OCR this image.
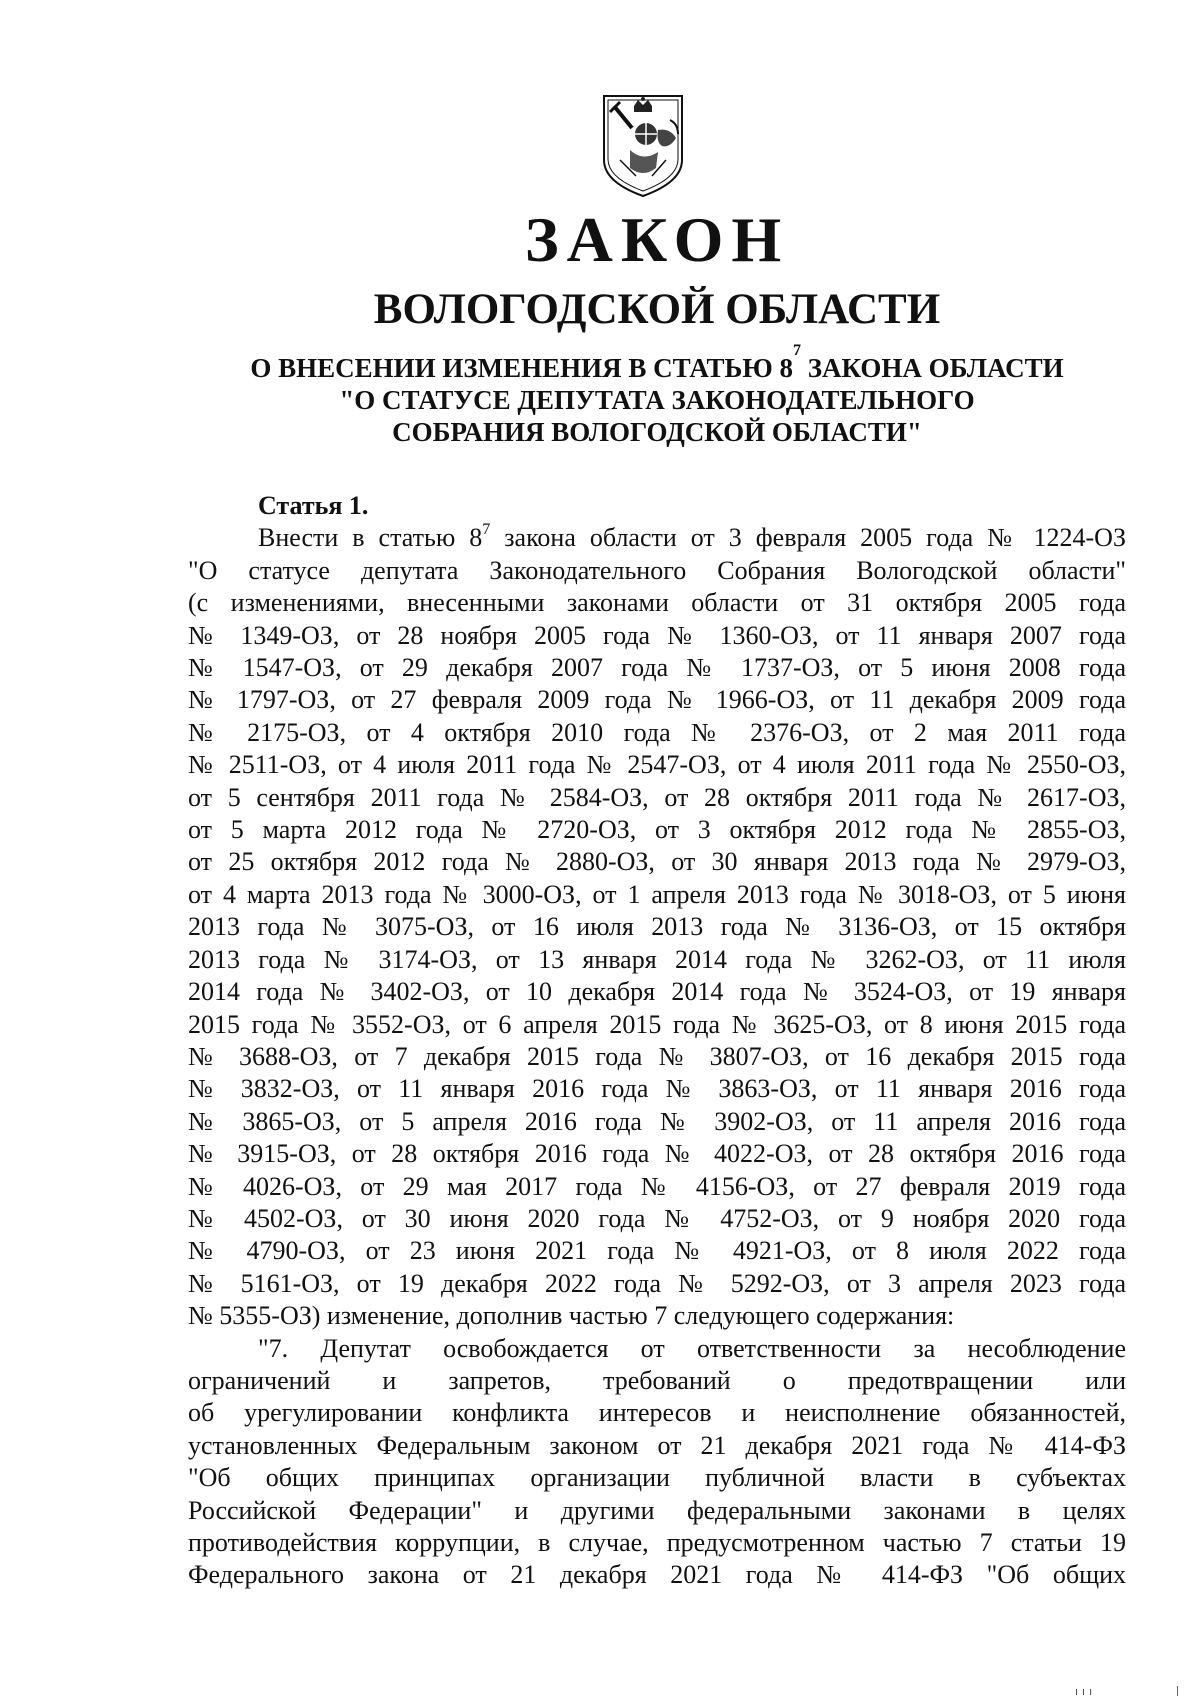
ЗАКОН
ВОЛОГОДСКОЙ ОБЛАСТИ
О ВНЕСЕНИИ ИЗМЕНЕНИЯ В СТАТЬЮ $8^7$ ЗАКОНА ОБЛАСТИ
"О СТАТУСЕ ДЕПУТАТА ЗАКОНОДАТЕЛЬНОГО
СОБРАНИЯ ВОЛОГОДСКОЙ ОБЛАСТИ"
Статья 1.
Внести в статью $8^7$ закона области от 3 февраля 2005 года № 1224-ОЗ
"О статусе депутата Законодательного Собрания Вологодской области"
(с изменениями, внесенными законами области от 31 октября 2005 года
№ 1349-ОЗ, от 28 ноября 2005 года № 1360-ОЗ, от 11 января 2007 года
№ 1547-ОЗ, от 29 декабря 2007 года № 1737-ОЗ, от 5 июня 2008 года
№ 1797-ОЗ, от 27 февраля 2009 года № 1966-ОЗ, от 11 декабря 2009 года
№ 2175-ОЗ, от 4 октября 2010 года № 2376-ОЗ, от 2 мая 2011 года
№ 2511-ОЗ, от 4 июля 2011 года № 2547-ОЗ, от 4 июля 2011 года № 2550-ОЗ,
от 5 сентября 2011 года № 2584-ОЗ, от 28 октября 2011 года № 2617-ОЗ,
от 5 марта 2012 года № 2720-ОЗ, от 3 октября 2012 года № 2855-ОЗ,
от 25 октября 2012 года № 2880-ОЗ, от 30 января 2013 года № 2979-ОЗ,
от 4 марта 2013 года № 3000-ОЗ, от 1 апреля 2013 года № 3018-ОЗ, от 5 июня
2013 года № 3075-ОЗ, от 16 июля 2013 года № 3136-ОЗ, от 15 октября
2013 года № 3174-ОЗ, от 13 января 2014 года № 3262-ОЗ, от 11 июля
2014 года № 3402-ОЗ, от 10 декабря 2014 года № 3524-ОЗ, от 19 января
2015 года № 3552-ОЗ, от 6 апреля 2015 года № 3625-ОЗ, от 8 июня 2015 года
№ 3688-ОЗ, от 7 декабря 2015 года № 3807-ОЗ, от 16 декабря 2015 года
№ 3832-ОЗ, от 11 января 2016 года № 3863-ОЗ, от 11 января 2016 года
№ 3865-ОЗ, от 5 апреля 2016 года № 3902-ОЗ, от 11 апреля 2016 года
№ 3915-ОЗ, от 28 октября 2016 года № 4022-ОЗ, от 28 октября 2016 года
№ 4026-ОЗ, от 29 мая 2017 года № 4156-ОЗ, от 27 февраля 2019 года
№ 4502-ОЗ, от 30 июня 2020 года № 4752-ОЗ, от 9 ноября 2020 года
№ 4790-ОЗ, от 23 июня 2021 года № 4921-ОЗ, от 8 июля 2022 года
№ 5161-ОЗ, от 19 декабря 2022 года № 5292-ОЗ, от 3 апреля 2023 года
№ 5355-ОЗ) изменение, дополнив частью 7 следующего содержания:
"7. Депутат освобождается от ответственности за несоблюдение
ограничений и запретов, требований о предотвращении или
об урегулировании конфликта интересов и неисполнение обязанностей,
установленных Федеральным законом от 21 декабря 2021 года № 414-ФЗ
"Об общих принципах организации публичной власти в субъектах
Российской Федерации" и другими федеральными законами в целях
противодействия коррупции, в случае, предусмотренном частью 7 статьи 19
Федерального закона от 21 декабря 2021 года № 414-ФЗ "Об общих
ııı
